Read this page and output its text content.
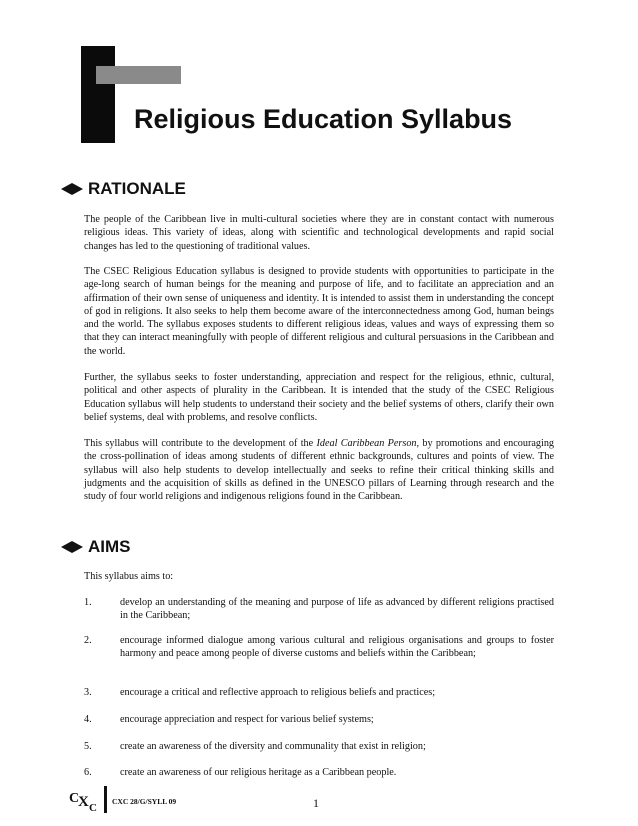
Religious Education Syllabus
RATIONALE

The people of the Caribbean live in multi-cultural societies where they are in constant contact with numerous religious ideas. This variety of ideas, along with scientific and technological developments and rapid social changes has led to the questioning of traditional values.

The CSEC Religious Education syllabus is designed to provide students with opportunities to participate in the age-long search of human beings for the meaning and purpose of life, and to facilitate an appreciation and an affirmation of their own sense of uniqueness and identity. It is intended to assist them in understanding the concept of god in religions. It also seeks to help them become aware of the interconnectedness among God, human beings and the world. The syllabus exposes students to different religious ideas, values and ways of expressing them so that they can interact meaningfully with people of different religious and cultural persuasions in the Caribbean and the world.

Further, the syllabus seeks to foster understanding, appreciation and respect for the religious, ethnic, cultural, political and other aspects of plurality in the Caribbean. It is intended that the study of the CSEC Religious Education syllabus will help students to understand their society and the belief systems of others, clarify their own belief systems, deal with problems, and resolve conflicts.

This syllabus will contribute to the development of the Ideal Caribbean Person, by promotions and encouraging the cross-pollination of ideas among students of different ethnic backgrounds, cultures and points of view. The syllabus will also help students to develop intellectually and seeks to refine their critical thinking skills and judgments and the acquisition of skills as defined in the UNESCO pillars of Learning through research and the study of four world religions and indigenous religions found in the Caribbean.

AIMS

This syllabus aims to:

1.	develop an understanding of the meaning and purpose of life as advanced by different religions practised in the Caribbean;
2.	encourage informed dialogue among various cultural and religious organisations and groups to foster harmony and peace among people of diverse customs and beliefs within the Caribbean;
3.	encourage a critical and reflective approach to religious beliefs and practices;
4.	encourage appreciation and respect for various belief systems;
5.	create an awareness of the diversity and communality that exist in religion;
6.	create an awareness of our religious heritage as a Caribbean people.
C
X C
CXC 28/G/SYLL 09	1
